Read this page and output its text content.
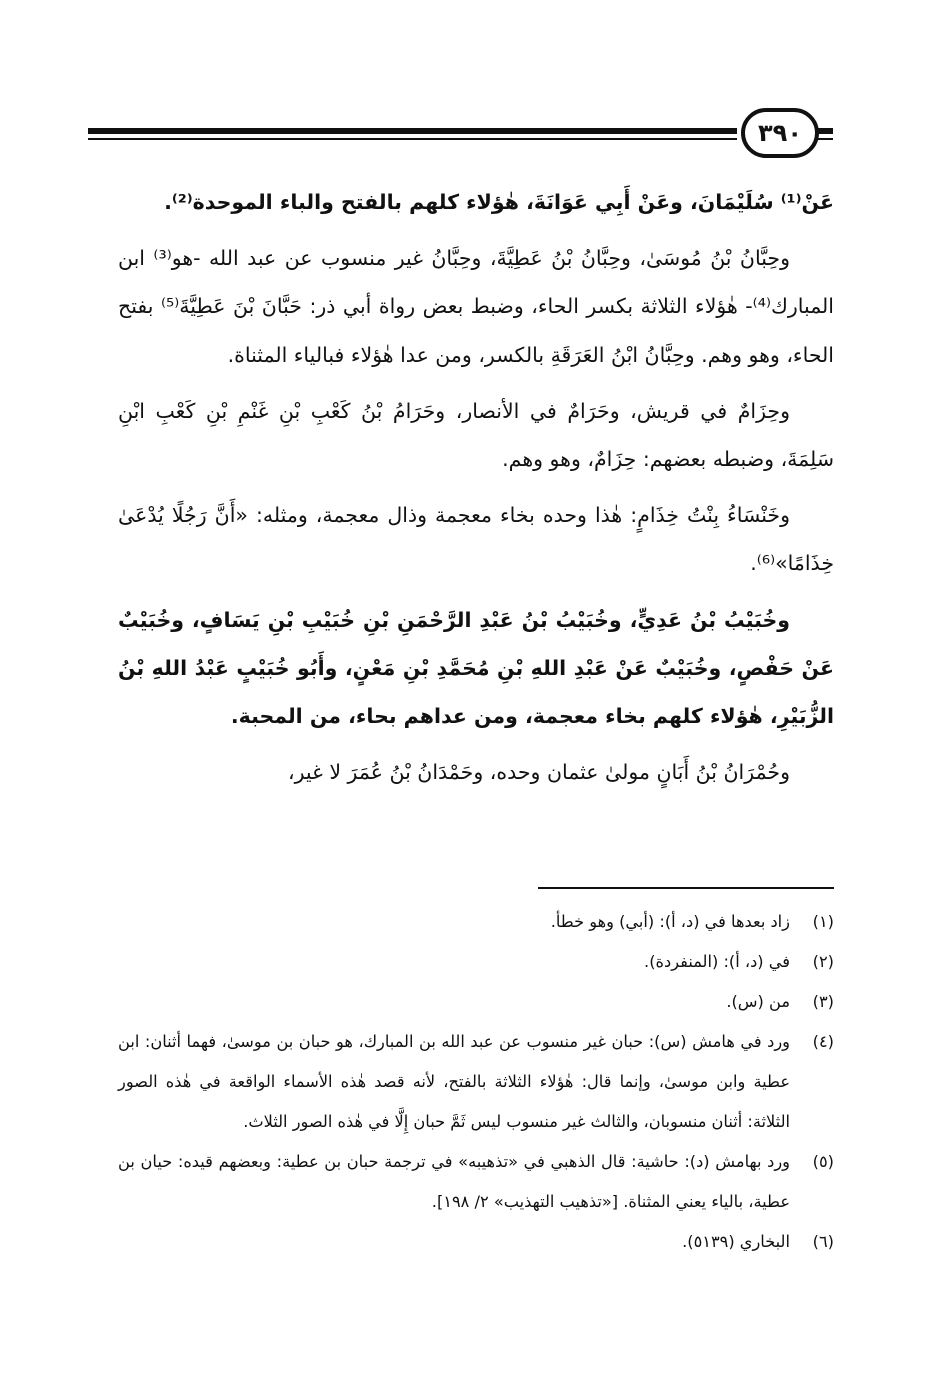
٣٩٠

عَنْ⁽¹⁾ سُلَيْمَانَ، وعَنْ أَبِي عَوَانَةَ، هٰؤلاء كلهم بالفتح والباء الموحدة⁽²⁾.

وحِبَّانُ بْنُ مُوسَىٰ، وحِبَّانُ بْنُ عَطِيَّةَ، وحِبَّانُ غير منسوب عن عبد الله -هو⁽³⁾ ابن المبارك⁽⁴⁾- هٰؤلاء الثلاثة بكسر الحاء، وضبط بعض رواة أبي ذر: حَبَّانَ بْنَ عَطِيَّةَ⁽⁵⁾ بفتح الحاء، وهو وهم. وحِبَّانُ ابْنُ العَرَقَةِ بالكسر، ومن عدا هٰؤلاء فبالياء المثناة.

وحِزَامٌ في قريش، وحَرَامٌ في الأنصار، وحَرَامُ بْنُ كَعْبِ بْنِ غَنْمِ بْنِ كَعْبِ ابْنِ سَلِمَةَ، وضبطه بعضهم: حِزَامٌ، وهو وهم.

وخَنْسَاءُ بِنْتُ خِذَامٍ: هٰذا وحده بخاء معجمة وذال معجمة، ومثله: «أَنَّ رَجُلًا يُدْعَىٰ خِذَامًا»⁽⁶⁾.

وخُبَيْبُ بْنُ عَدِيٍّ، وخُبَيْبُ بْنُ عَبْدِ الرَّحْمَنِ بْنِ خُبَيْبِ بْنِ يَسَافٍ، وخُبَيْبٌ عَنْ حَفْصٍ، وخُبَيْبٌ عَنْ عَبْدِ اللهِ بْنِ مُحَمَّدِ بْنِ مَعْنٍ، وأَبُو خُبَيْبٍ عَبْدُ اللهِ بْنُ الزُّبَيْرِ، هٰؤلاء كلهم بخاء معجمة، ومن عداهم بحاء، من المحبة.

وحُمْرَانُ بْنُ أَبَانٍ مولىٰ عثمان وحده، وحَمْدَانُ بْنُ عُمَرَ لا غير،

(١)
زاد بعدها في (د، أ): (أبي) وهو خطأ.
(٢)
في (د، أ): (المنفردة).
(٣)
من (س).
(٤)
ورد في هامش (س): حبان غير منسوب عن عبد الله بن المبارك، هو حبان بن موسىٰ، فهما أثنان: ابن عطية وابن موسىٰ، وإنما قال: هٰؤلاء الثلاثة بالفتح، لأنه قصد هٰذه الأسماء الواقعة في هٰذه الصور الثلاثة: أثنان منسوبان، والثالث غير منسوب ليس ثَمَّ حبان إِلَّا في هٰذه الصور الثلاث.
(٥)
ورد بهامش (د): حاشية: قال الذهبي في «تذهيبه» في ترجمة حبان بن عطية: وبعضهم قيده: حيان بن عطية، بالياء يعني المثناة. [«تذهيب التهذيب» ٢/ ١٩٨].
(٦)
البخاري (٥١٣٩).
